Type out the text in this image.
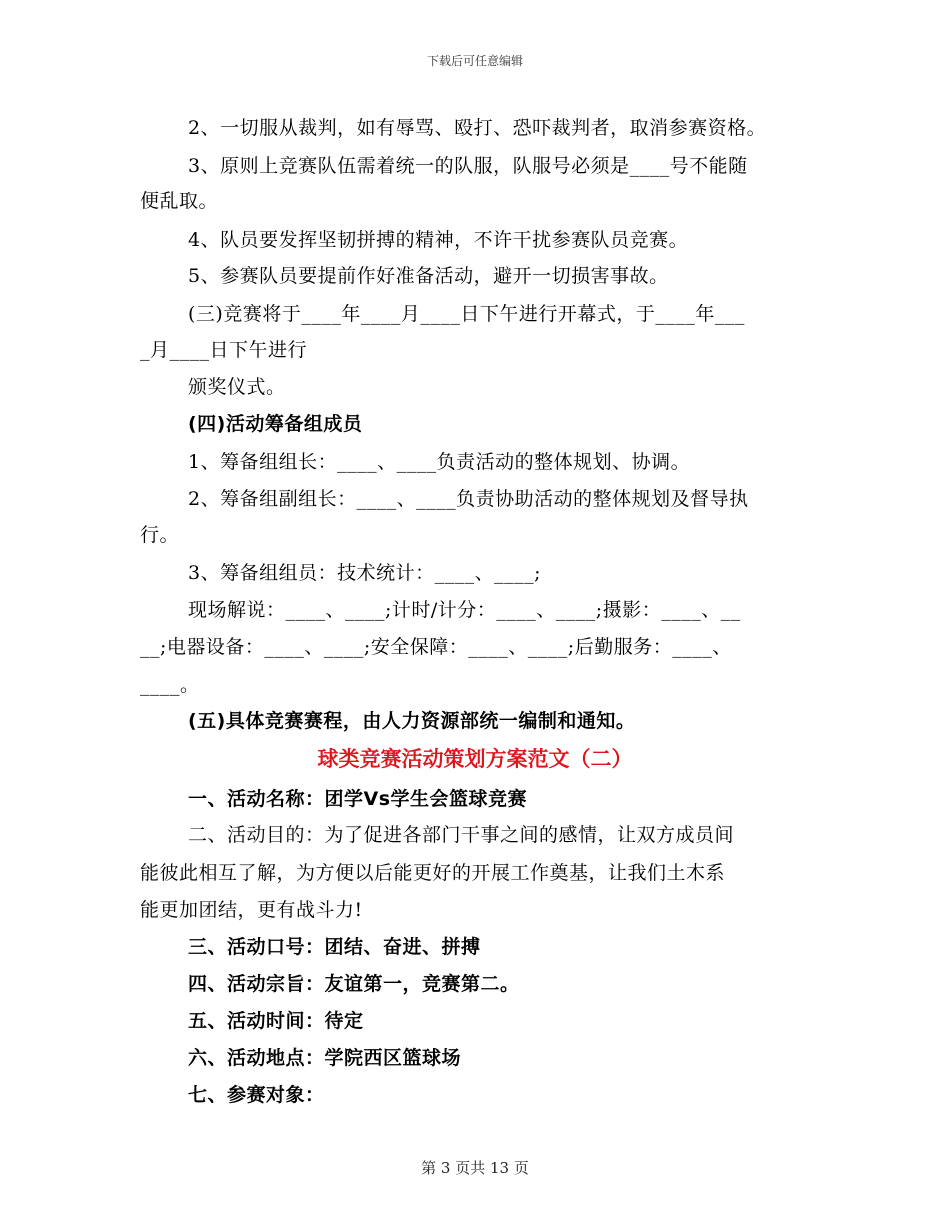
下载后可任意编辑
2、一切服从裁判，如有辱骂、殴打、恐吓裁判者，取消参赛资格。
3、原则上竞赛队伍需着统一的队服，队服号必须是____号不能随
便乱取。
4、队员要发挥坚韧拼搏的精神，不许干扰参赛队员竞赛。
5、参赛队员要提前作好准备活动，避开一切损害事故。
(三)竞赛将于____年____月____日下午进行开幕式，于____年___
_月____日下午进行
颁奖仪式。
(四)活动筹备组成员
1、筹备组组长：____、____负责活动的整体规划、协调。
2、筹备组副组长：____、____负责协助活动的整体规划及督导执
行。
3、筹备组组员：技术统计：____、____;
现场解说：____、____;计时/计分：____、____;摄影：____、__
__;电器设备：____、____;安全保障：____、____;后勤服务：____、
____。
(五)具体竞赛赛程，由人力资源部统一编制和通知。
球类竞赛活动策划方案范文（二）
一、活动名称：团学Vs学生会篮球竞赛
二、活动目的：为了促进各部门干事之间的感情，让双方成员间
能彼此相互了解，为方便以后能更好的开展工作奠基，让我们土木系
能更加团结，更有战斗力!
三、活动口号：团结、奋进、拼搏
四、活动宗旨：友谊第一，竞赛第二。
五、活动时间：待定
六、活动地点：学院西区篮球场
七、参赛对象：
第 3 页共 13 页
